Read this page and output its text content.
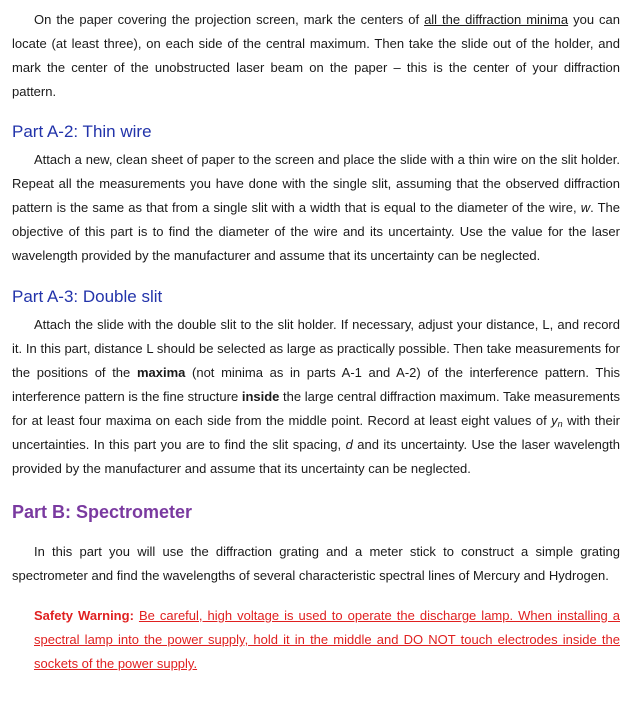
On the paper covering the projection screen, mark the centers of all the diffraction minima you can locate (at least three), on each side of the central maximum. Then take the slide out of the holder, and mark the center of the unobstructed laser beam on the paper – this is the center of your diffraction pattern.

Part A-2: Thin wire

Attach a new, clean sheet of paper to the screen and place the slide with a thin wire on the slit holder. Repeat all the measurements you have done with the single slit, assuming that the observed diffraction pattern is the same as that from a single slit with a width that is equal to the diameter of the wire, w. The objective of this part is to find the diameter of the wire and its uncertainty. Use the value for the laser wavelength provided by the manufacturer and assume that its uncertainty can be neglected.

Part A-3: Double slit

Attach the slide with the double slit to the slit holder. If necessary, adjust your distance, L, and record it. In this part, distance L should be selected as large as practically possible. Then take measurements for the positions of the maxima (not minima as in parts A-1 and A-2) of the interference pattern. This interference pattern is the fine structure inside the large central diffraction maximum. Take measurements for at least four maxima on each side from the middle point. Record at least eight values of $y_n$ with their uncertainties. In this part you are to find the slit spacing, d and its uncertainty. Use the laser wavelength provided by the manufacturer and assume that its uncertainty can be neglected.

Part B: Spectrometer

In this part you will use the diffraction grating and a meter stick to construct a simple grating spectrometer and find the wavelengths of several characteristic spectral lines of Mercury and Hydrogen.

Safety Warning: Be careful, high voltage is used to operate the discharge lamp. When installing a spectral lamp into the power supply, hold it in the middle and DO NOT touch electrodes inside the sockets of the power supply.
